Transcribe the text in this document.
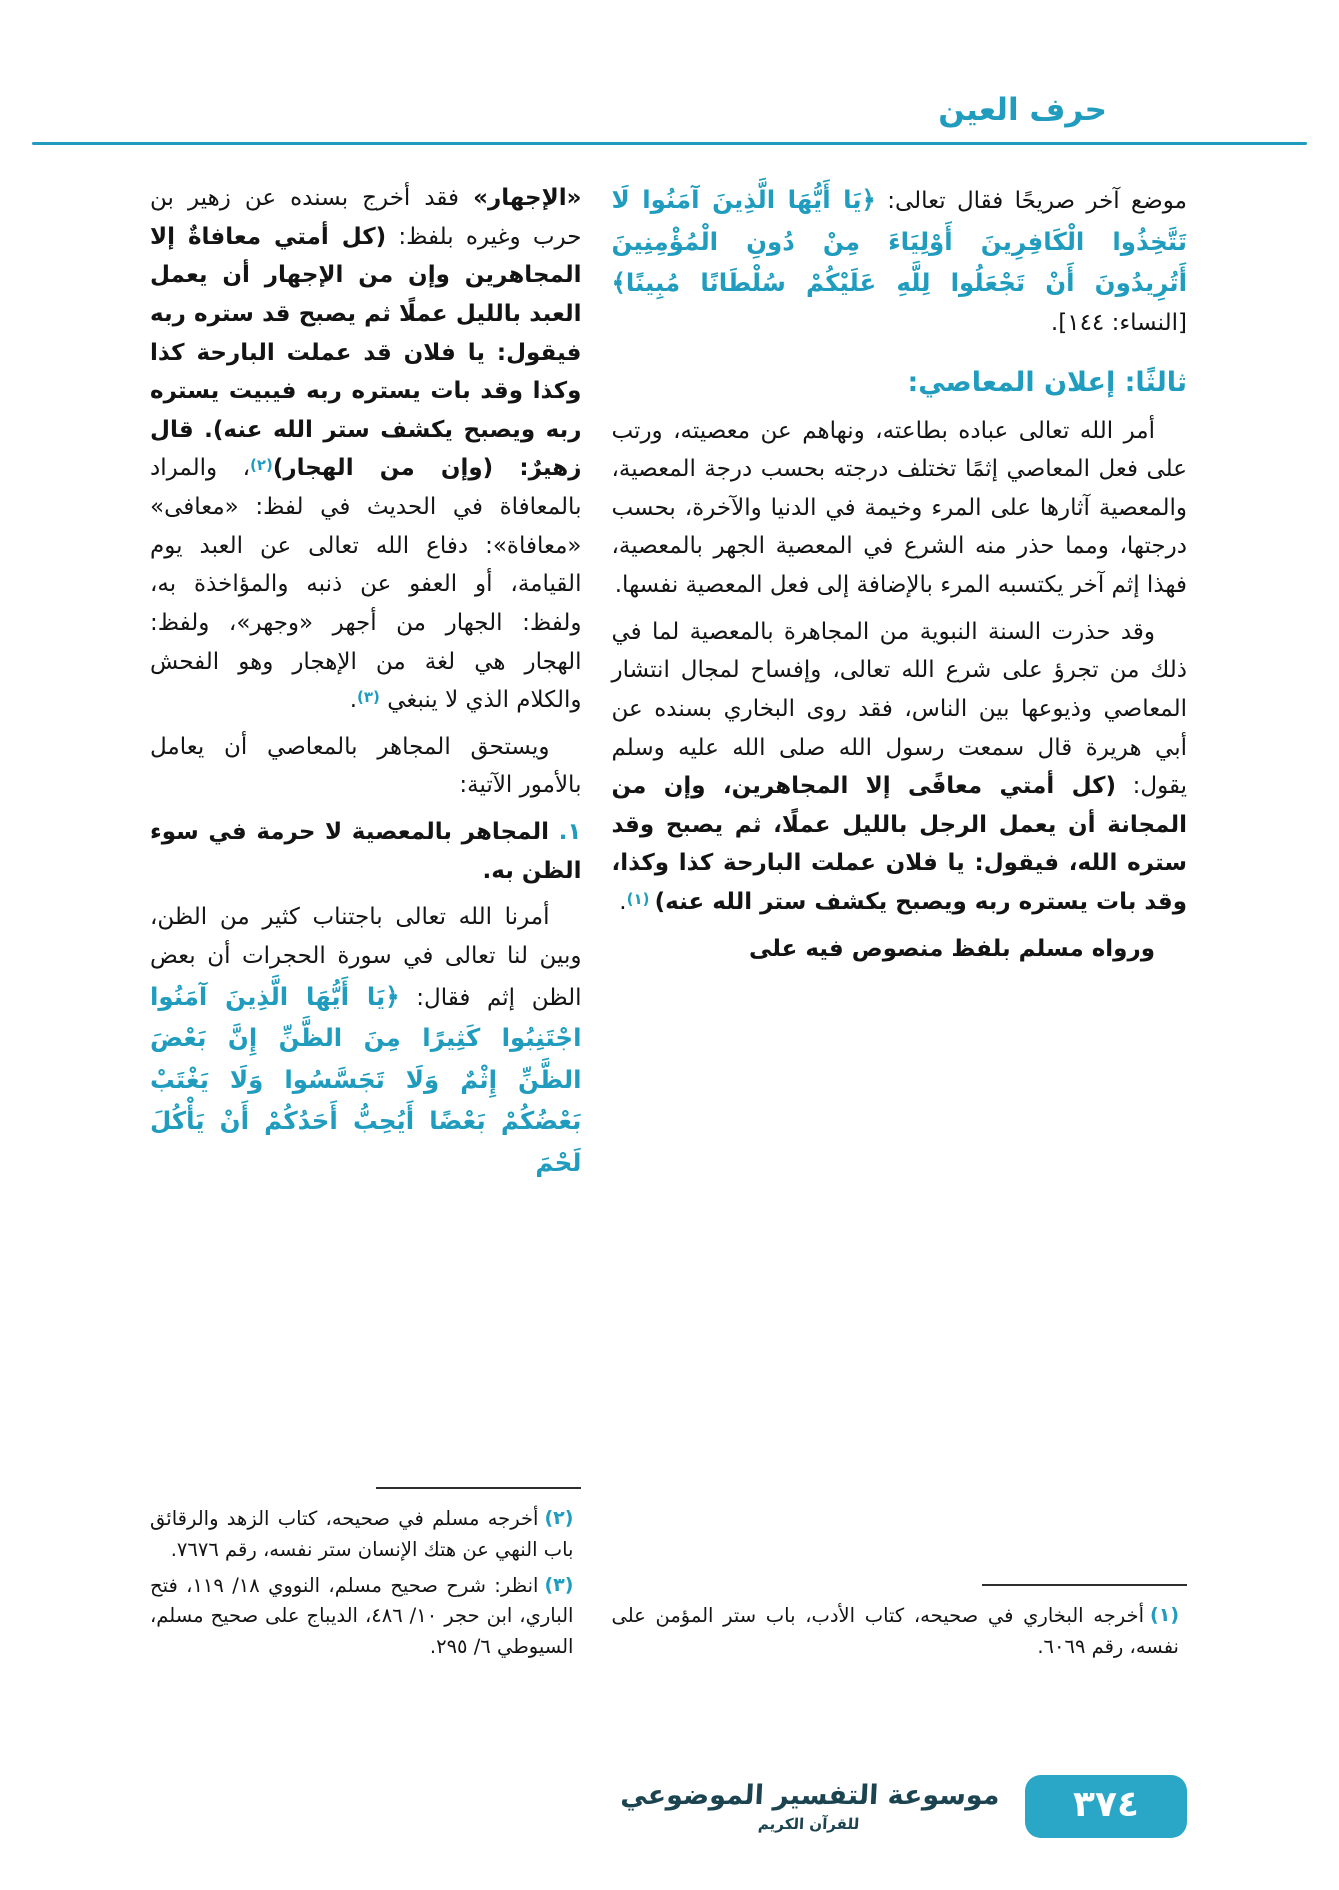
حرف العين

موضع آخر صريحًا فقال تعالى: ﴿يَا أَيُّهَا الَّذِينَ آمَنُوا لَا تَتَّخِذُوا الْكَافِرِينَ أَوْلِيَاءَ مِنْ دُونِ الْمُؤْمِنِينَ أَتُرِيدُونَ أَنْ تَجْعَلُوا لِلَّهِ عَلَيْكُمْ سُلْطَانًا مُبِينًا﴾ [النساء: ١٤٤].

ثالثًا: إعلان المعاصي:

أمر الله تعالى عباده بطاعته، ونهاهم عن معصيته، ورتب على فعل المعاصي إثمًا تختلف درجته بحسب درجة المعصية، والمعصية آثارها على المرء وخيمة في الدنيا والآخرة، بحسب درجتها، ومما حذر منه الشرع في المعصية الجهر بالمعصية، فهذا إثم آخر يكتسبه المرء بالإضافة إلى فعل المعصية نفسها.

وقد حذرت السنة النبوية من المجاهرة بالمعصية لما في ذلك من تجرؤ على شرع الله تعالى، وإفساح لمجال انتشار المعاصي وذيوعها بين الناس، فقد روى البخاري بسنده عن أبي هريرة قال سمعت رسول الله صلى الله عليه وسلم يقول: (كل أمتي معافًى إلا المجاهرين، وإن من المجانة أن يعمل الرجل بالليل عملًا، ثم يصبح وقد ستره الله، فيقول: يا فلان عملت البارحة كذا وكذا، وقد بات يستره ربه ويصبح يكشف ستر الله عنه) $^{(١)}$.

ورواه مسلم بلفظ منصوص فيه على

(١)أخرجه البخاري في صحيحه، كتاب الأدب، باب ستر المؤمن على نفسه، رقم ٦٠٦٩.

«الإجهار» فقد أخرج بسنده عن زهير بن حرب وغيره بلفظ: (كل أمتي معافاةٌ إلا المجاهرين وإن من الإجهار أن يعمل العبد بالليل عملًا ثم يصبح قد ستره ربه فيقول: يا فلان قد عملت البارحة كذا وكذا وقد بات يستره ربه فيبيت يستره ربه ويصبح يكشف ستر الله عنه). قال زهيرٌ: (وإن من الهجار)$^{(٢)}$، والمراد بالمعافاة في الحديث في لفظ: «معافى» «معافاة»: دفاع الله تعالى عن العبد يوم القيامة، أو العفو عن ذنبه والمؤاخذة به، ولفظ: الجهار من أجهر «وجهر»، ولفظ: الهجار هي لغة من الإهجار وهو الفحش والكلام الذي لا ينبغي $^{(٣)}$.

ويستحق المجاهر بالمعاصي أن يعامل بالأمور الآتية:

١. المجاهر بالمعصية لا حرمة في سوء الظن به.

أمرنا الله تعالى باجتناب كثير من الظن، وبين لنا تعالى في سورة الحجرات أن بعض الظن إثم فقال: ﴿يَا أَيُّهَا الَّذِينَ آمَنُوا اجْتَنِبُوا كَثِيرًا مِنَ الظَّنِّ إِنَّ بَعْضَ الظَّنِّ إِثْمٌ وَلَا تَجَسَّسُوا وَلَا يَغْتَبْ بَعْضُكُمْ بَعْضًا أَيُحِبُّ أَحَدُكُمْ أَنْ يَأْكُلَ لَحْمَ

(٢)أخرجه مسلم في صحيحه، كتاب الزهد والرقائق باب النهي عن هتك الإنسان ستر نفسه، رقم ٧٦٧٦.

(٣)انظر: شرح صحيح مسلم، النووي ١٨/ ١١٩، فتح الباري، ابن حجر ١٠/ ٤٨٦، الديباج على صحيح مسلم، السيوطي ٦/ ٢٩٥.

موسوعة التفسير الموضوعي
للقرآن الكريم	٣٧٤
